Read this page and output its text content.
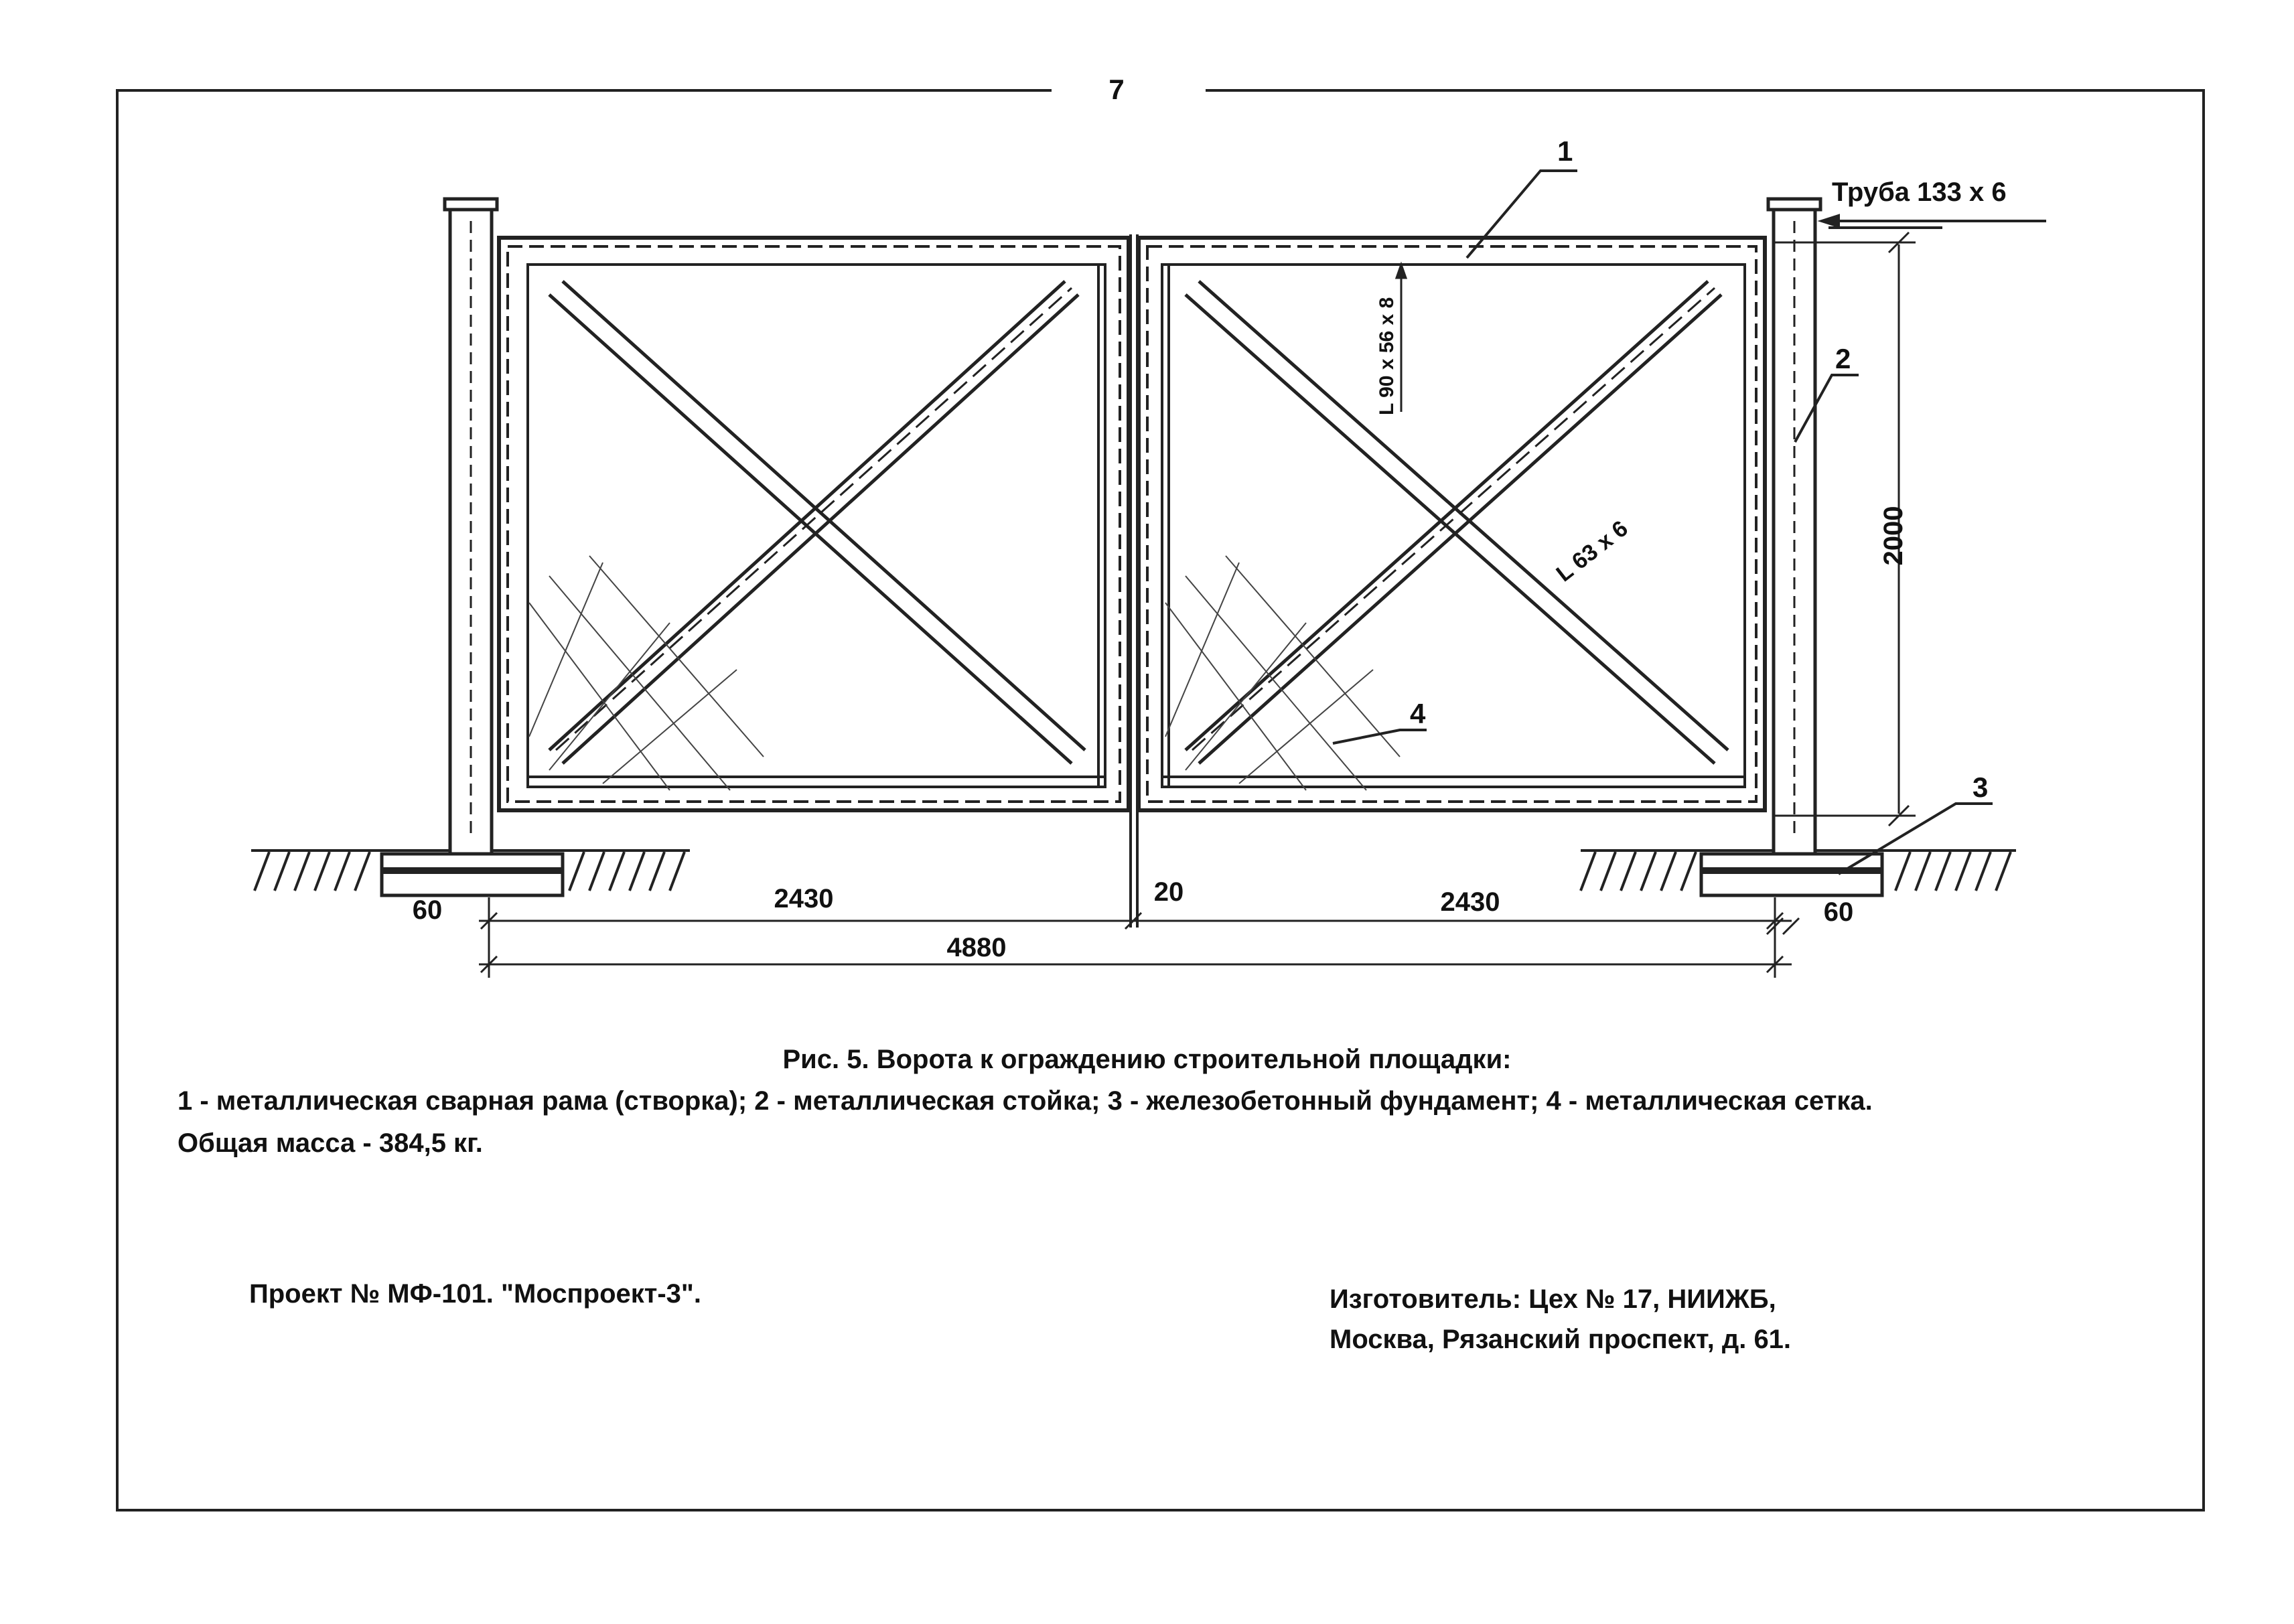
7
1
2
3
4
Труба 133 х 6
L 90 x 56 x 8
L 63 x 6	2000
2430	20	2430
4880
60	60
Рис. 5. Ворота к ограждению строительной площадки:
1 - металлическая сварная рама (створка); 2 - металлическая стойка; 3 - железобетонный фундамент; 4 - металлическая сетка.
Общая масса - 384,5 кг.
Проект № МФ-101. "Моспроект-3".	Изготовитель: Цех № 17, НИИЖБ,
Москва, Рязанский проспект, д. 61.
